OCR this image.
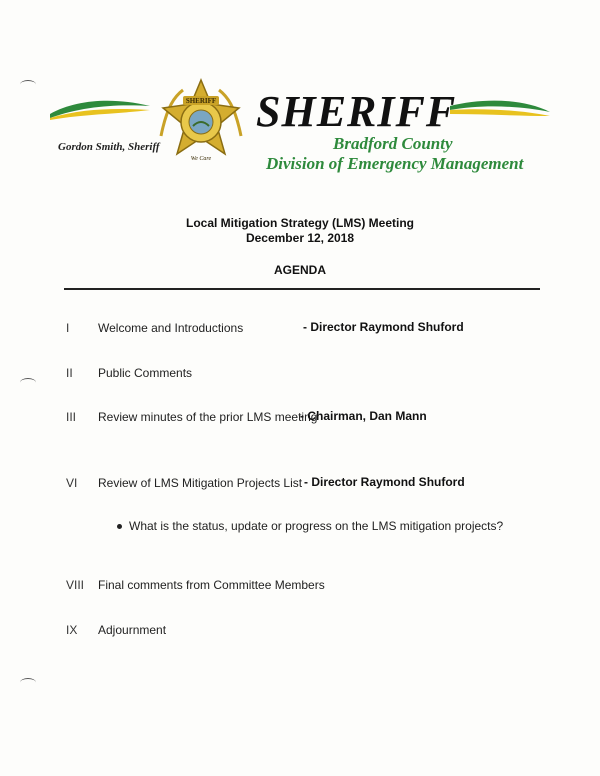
SHERIFF
We Care
SHERIFF
Gordon Smith, Sheriff	Bradford County
Division of Emergency Management
Local Mitigation Strategy (LMS) Meeting
December 12, 2018
AGENDA
I Welcome and Introductions	- Director Raymond Shuford
II Public Comments
III Review minutes of the prior LMS meeting
- Chairman, Dan Mann
VI Review of LMS Mitigation Projects List - Director Raymond Shuford
What is the status, update or progress on the LMS mitigation projects?
VIII Final comments from Committee Members
IX Adjournment
